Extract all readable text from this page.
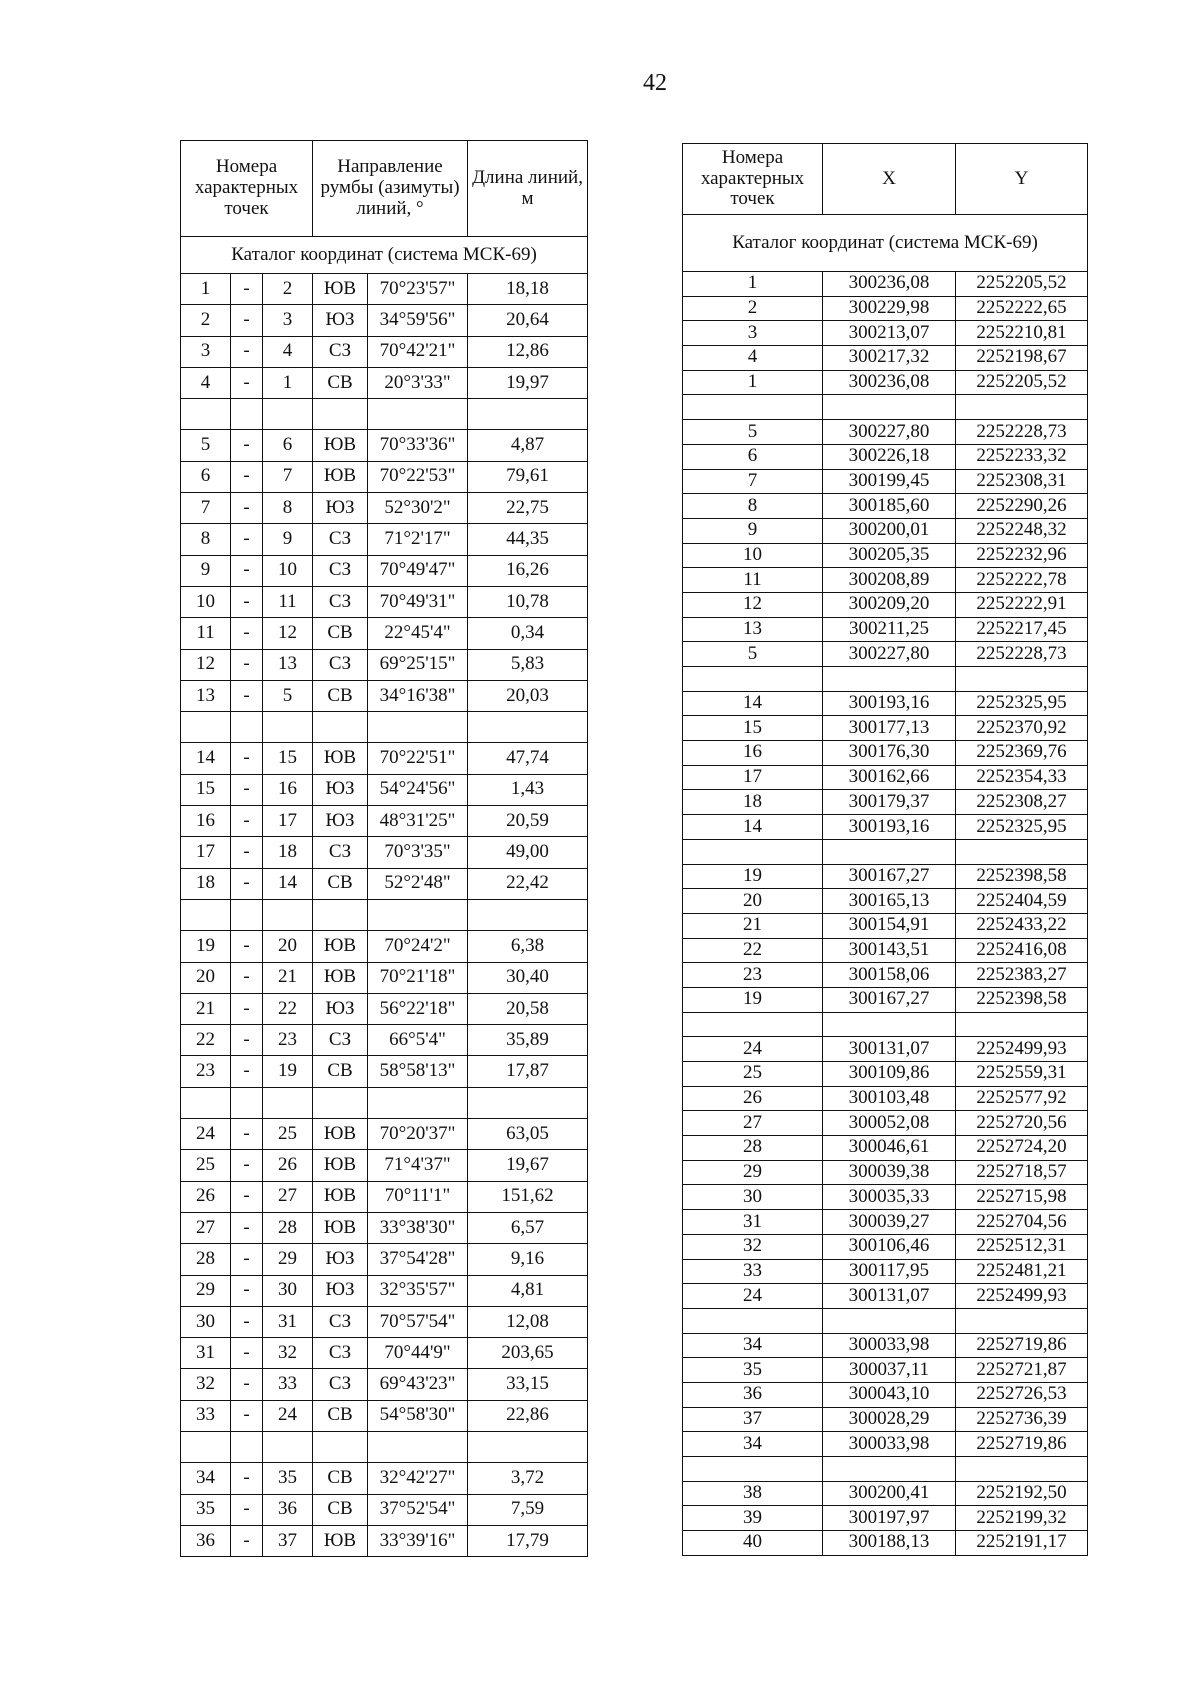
42
Номера характерных точек			Направление румбы (азимуты) линий, °		Длина линий, м
Каталог координат (система МСК-69)					
1	-	2	ЮВ	70°23'57"	18,18
2	-	3	ЮЗ	34°59'56"	20,64
3	-	4	СЗ	70°42'21"	12,86
4	-	1	СВ	20°3'33"	19,97

5	-	6	ЮВ	70°33'36"	4,87
6	-	7	ЮВ	70°22'53"	79,61
7	-	8	ЮЗ	52°30'2"	22,75
8	-	9	СЗ	71°2'17"	44,35
9	-	10	СЗ	70°49'47"	16,26
10	-	11	СЗ	70°49'31"	10,78
11	-	12	СВ	22°45'4"	0,34
12	-	13	СЗ	69°25'15"	5,83
13	-	5	СВ	34°16'38"	20,03

14	-	15	ЮВ	70°22'51"	47,74
15	-	16	ЮЗ	54°24'56"	1,43
16	-	17	ЮЗ	48°31'25"	20,59
17	-	18	СЗ	70°3'35"	49,00
18	-	14	СВ	52°2'48"	22,42

19	-	20	ЮВ	70°24'2"	6,38
20	-	21	ЮВ	70°21'18"	30,40
21	-	22	ЮЗ	56°22'18"	20,58
22	-	23	СЗ	66°5'4"	35,89
23	-	19	СВ	58°58'13"	17,87

24	-	25	ЮВ	70°20'37"	63,05
25	-	26	ЮВ	71°4'37"	19,67
26	-	27	ЮВ	70°11'1"	151,62
27	-	28	ЮВ	33°38'30"	6,57
28	-	29	ЮЗ	37°54'28"	9,16
29	-	30	ЮЗ	32°35'57"	4,81
30	-	31	СЗ	70°57'54"	12,08
31	-	32	СЗ	70°44'9"	203,65
32	-	33	СЗ	69°43'23"	33,15
33	-	24	СВ	54°58'30"	22,86

34	-	35	СВ	32°42'27"	3,72
35	-	36	СВ	37°52'54"	7,59
36	-	37	ЮВ	33°39'16"	17,79
Номера характерных точек	X	Y
Каталог координат (система МСК-69)		
1	300236,08	2252205,52
2	300229,98	2252222,65
3	300213,07	2252210,81
4	300217,32	2252198,67
1	300236,08	2252205,52

5	300227,80	2252228,73
6	300226,18	2252233,32
7	300199,45	2252308,31
8	300185,60	2252290,26
9	300200,01	2252248,32
10	300205,35	2252232,96
11	300208,89	2252222,78
12	300209,20	2252222,91
13	300211,25	2252217,45
5	300227,80	2252228,73

14	300193,16	2252325,95
15	300177,13	2252370,92
16	300176,30	2252369,76
17	300162,66	2252354,33
18	300179,37	2252308,27
14	300193,16	2252325,95

19	300167,27	2252398,58
20	300165,13	2252404,59
21	300154,91	2252433,22
22	300143,51	2252416,08
23	300158,06	2252383,27
19	300167,27	2252398,58

24	300131,07	2252499,93
25	300109,86	2252559,31
26	300103,48	2252577,92
27	300052,08	2252720,56
28	300046,61	2252724,20
29	300039,38	2252718,57
30	300035,33	2252715,98
31	300039,27	2252704,56
32	300106,46	2252512,31
33	300117,95	2252481,21
24	300131,07	2252499,93

34	300033,98	2252719,86
35	300037,11	2252721,87
36	300043,10	2252726,53
37	300028,29	2252736,39
34	300033,98	2252719,86

38	300200,41	2252192,50
39	300197,97	2252199,32
40	300188,13	2252191,17
